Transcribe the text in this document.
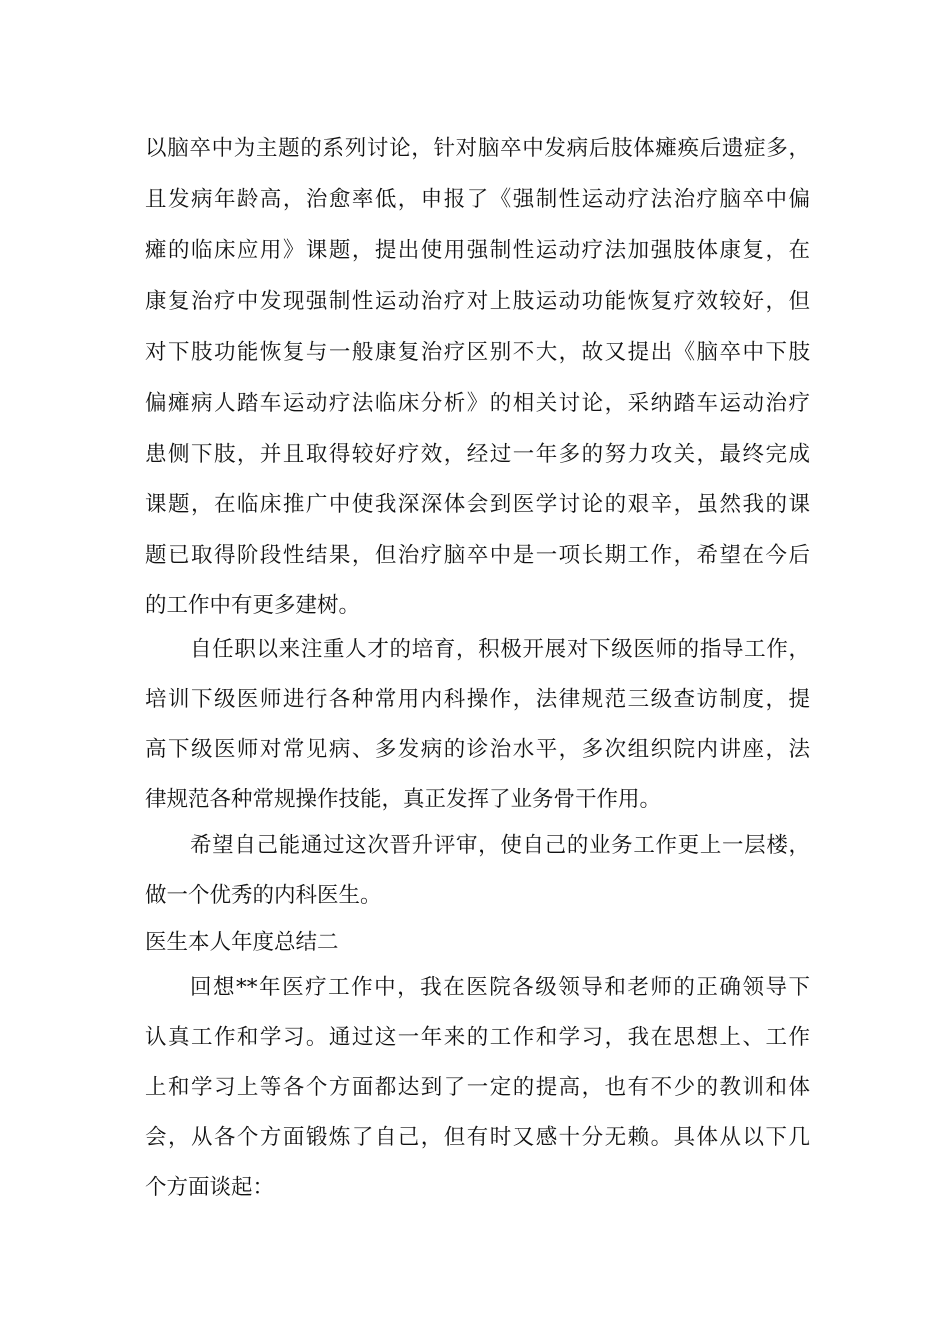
以脑卒中为主题的系列讨论，针对脑卒中发病后肢体瘫痪后遗症多，
且发病年龄高，治愈率低，申报了《强制性运动疗法治疗脑卒中偏
瘫的临床应用》课题，提出使用强制性运动疗法加强肢体康复，在
康复治疗中发现强制性运动治疗对上肢运动功能恢复疗效较好，但
对下肢功能恢复与一般康复治疗区别不大，故又提出《脑卒中下肢
偏瘫病人踏车运动疗法临床分析》的相关讨论，采纳踏车运动治疗
患侧下肢，并且取得较好疗效，经过一年多的努力攻关，最终完成
课题，在临床推广中使我深深体会到医学讨论的艰辛，虽然我的课
题已取得阶段性结果，但治疗脑卒中是一项长期工作，希望在今后
的工作中有更多建树。
自任职以来注重人才的培育，积极开展对下级医师的指导工作，
培训下级医师进行各种常用内科操作，法律规范三级查访制度，提
高下级医师对常见病、多发病的诊治水平，多次组织院内讲座，法
律规范各种常规操作技能，真正发挥了业务骨干作用。
希望自己能通过这次晋升评审，使自己的业务工作更上一层楼，
做一个优秀的内科医生。
医生本人年度总结二
回想**年医疗工作中，我在医院各级领导和老师的正确领导下
认真工作和学习。通过这一年来的工作和学习，我在思想上、工作
上和学习上等各个方面都达到了一定的提高，也有不少的教训和体
会，从各个方面锻炼了自己，但有时又感十分无赖。具体从以下几
个方面谈起：
